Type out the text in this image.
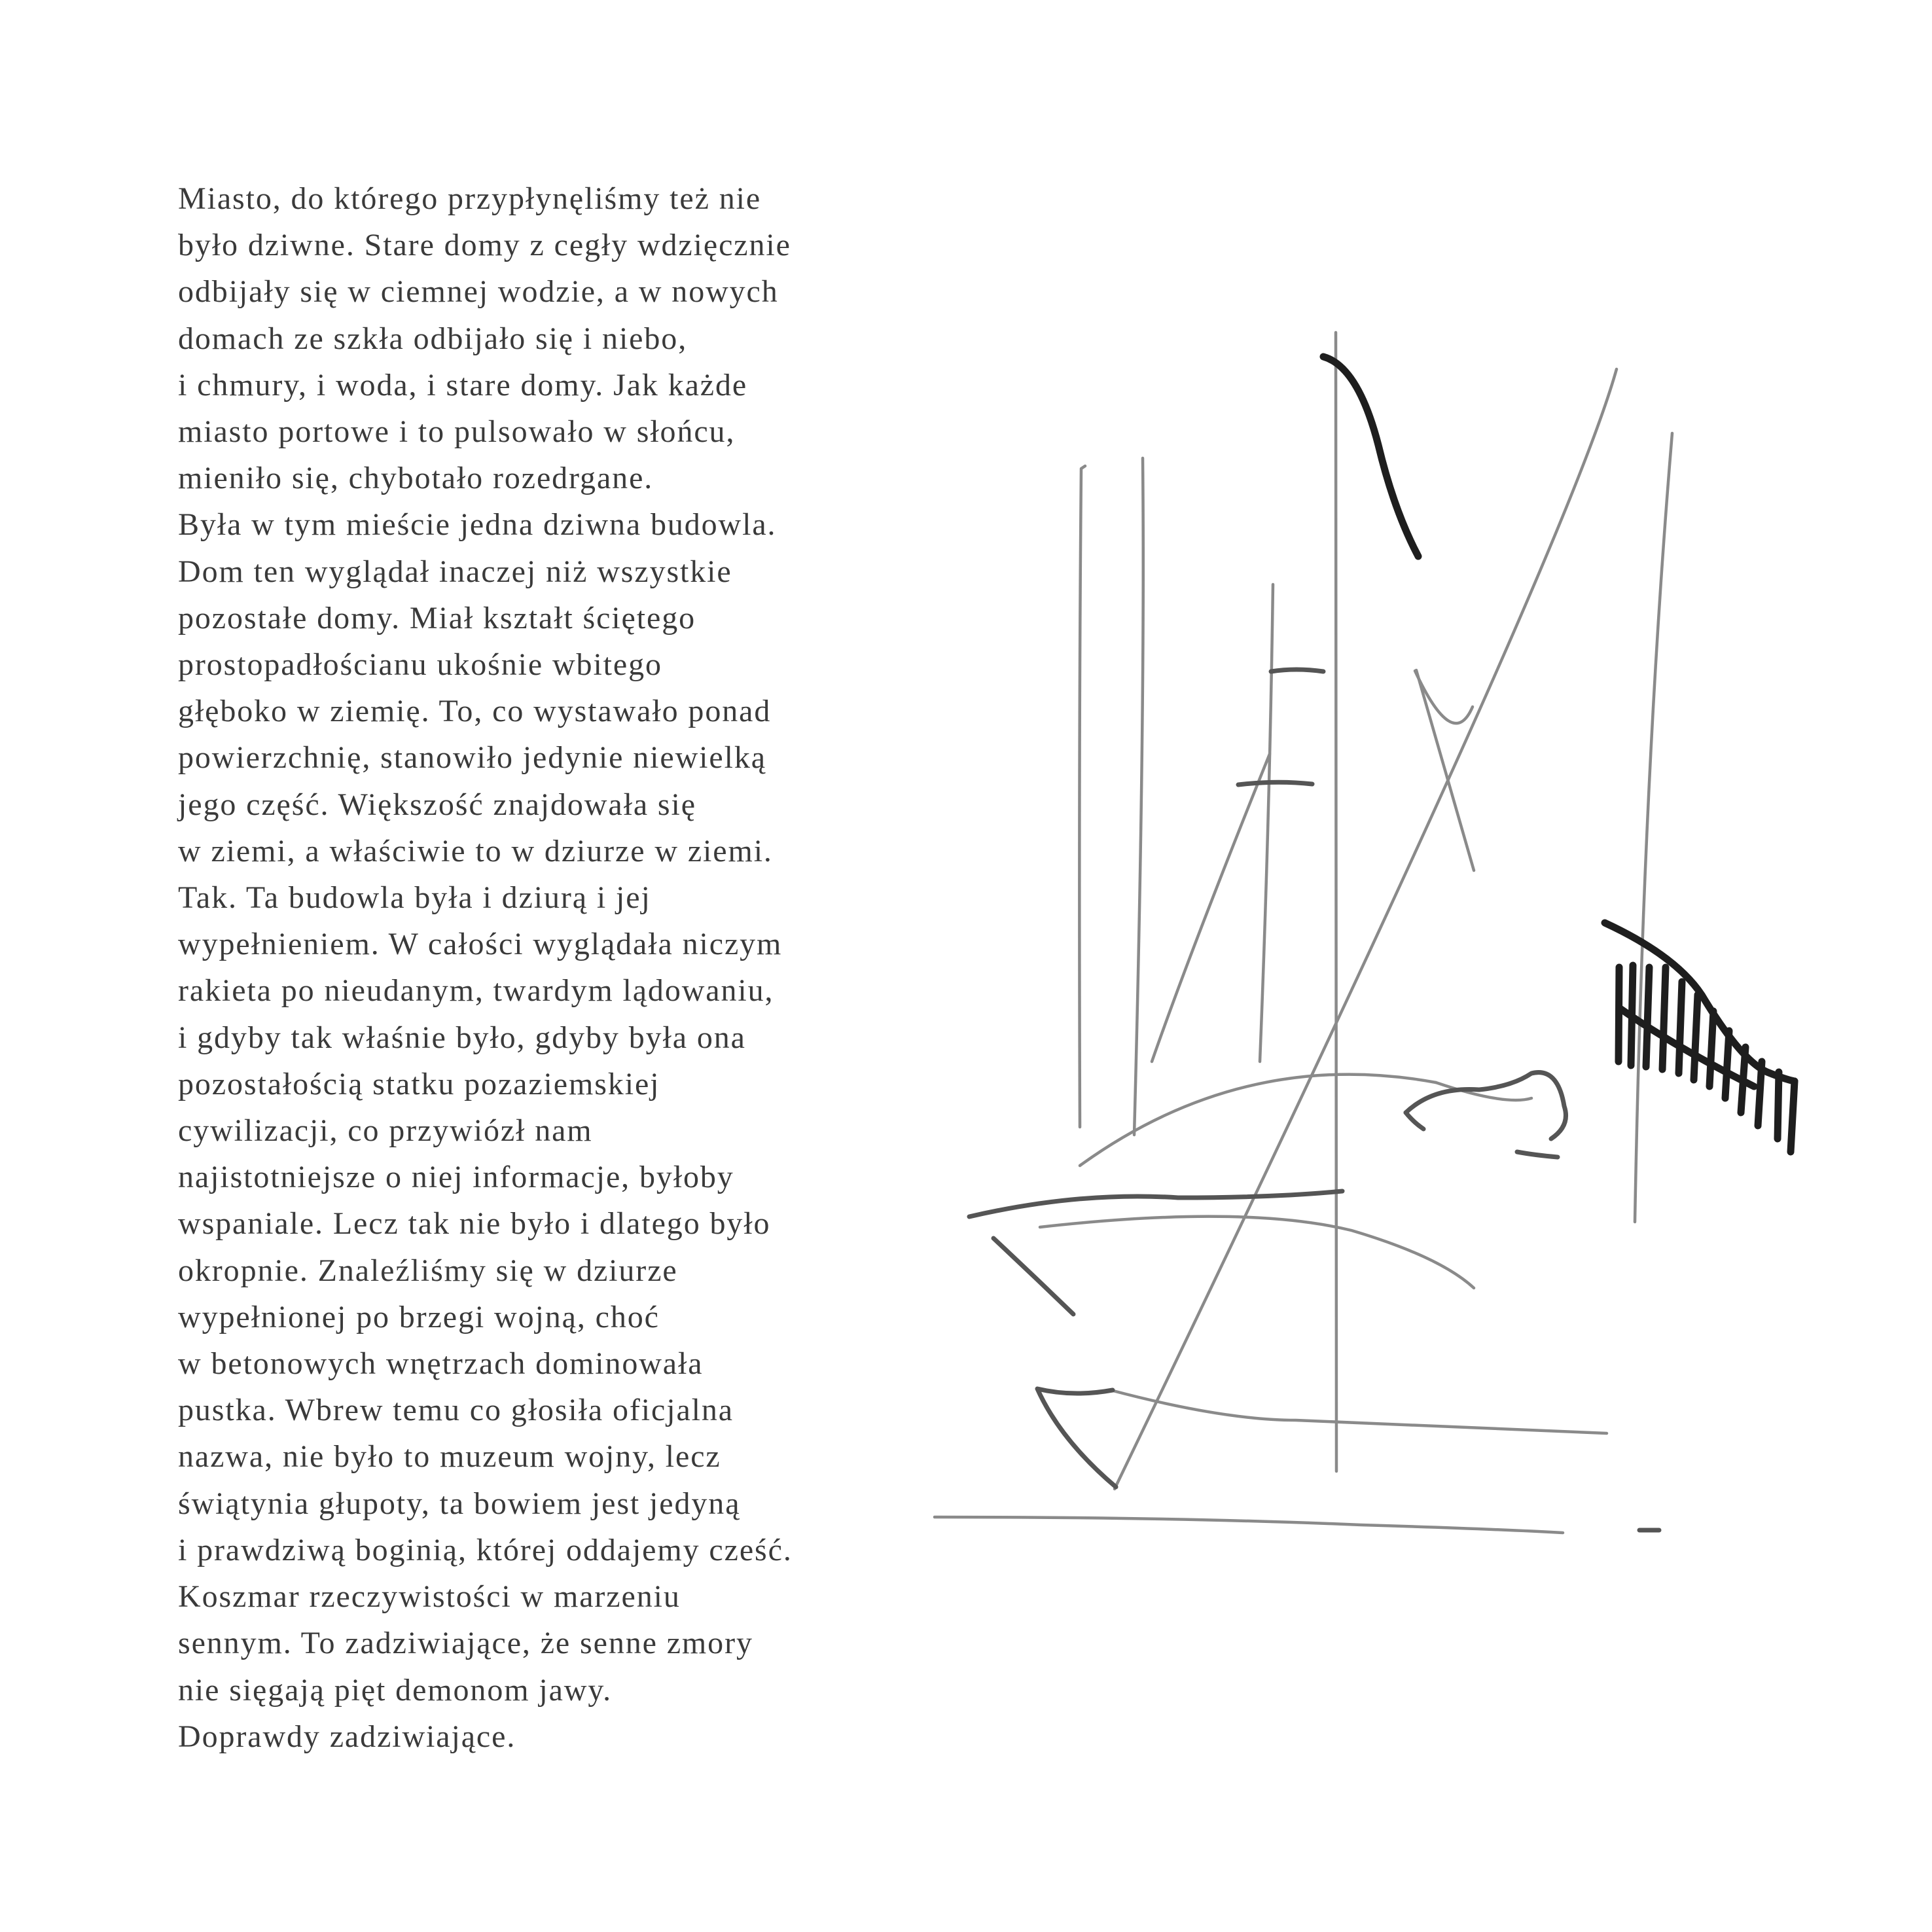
Miasto, do którego przypłynęliśmy też nie
było dziwne. Stare domy z cegły wdzięcznie
odbijały się w ciemnej wodzie, a w nowych
domach ze szkła odbijało się i niebo,
i chmury, i woda, i stare domy. Jak każde
miasto portowe i to pulsowało w słońcu,
mieniło się, chybotało rozedrgane.
Była w tym mieście jedna dziwna budowla.
Dom ten wyglądał inaczej niż wszystkie
pozostałe domy. Miał kształt ściętego
prostopadłościanu ukośnie wbitego
głęboko w ziemię. To, co wystawało ponad
powierzchnię, stanowiło jedynie niewielką
jego część. Większość znajdowała się
w ziemi, a właściwie to w dziurze w ziemi.
Tak. Ta budowla była i dziurą i jej
wypełnieniem. W całości wyglądała niczym
rakieta po nieudanym, twardym lądowaniu,
i gdyby tak właśnie było, gdyby była ona
pozostałością statku pozaziemskiej
cywilizacji, co przywiózł nam
najistotniejsze o niej informacje, byłoby
wspaniale. Lecz tak nie było i dlatego było
okropnie. Znaleźliśmy się w dziurze
wypełnionej po brzegi wojną, choć
w betonowych wnętrzach dominowała
pustka. Wbrew temu co głosiła oficjalna
nazwa, nie było to muzeum wojny, lecz
świątynia głupoty, ta bowiem jest jedyną
i prawdziwą boginią, której oddajemy cześć.
Koszmar rzeczywistości w marzeniu
sennym. To zadziwiające, że senne zmory
nie sięgają pięt demonom jawy.
Doprawdy zadziwiające.
